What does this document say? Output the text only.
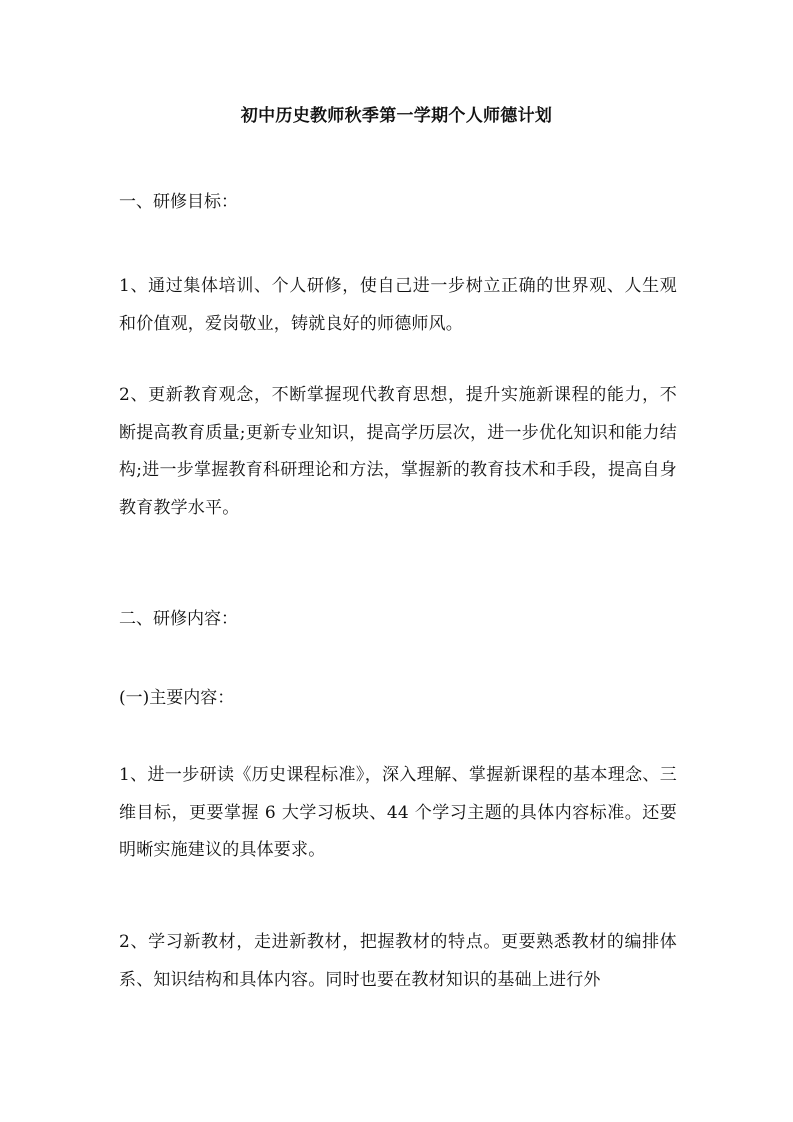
初中历史教师秋季第一学期个人师德计划
一、研修目标：
1、通过集体培训、个人研修，使自己进一步树立正确的世界观、人生观和价值观，爱岗敬业，铸就良好的师德师风。
2、更新教育观念，不断掌握现代教育思想，提升实施新课程的能力，不断提高教育质量;更新专业知识，提高学历层次，进一步优化知识和能力结构;进一步掌握教育科研理论和方法，掌握新的教育技术和手段，提高自身教育教学水平。
二、研修内容：
(一)主要内容：
1、进一步研读《历史课程标准》，深入理解、掌握新课程的基本理念、三维目标，更要掌握 6 大学习板块、44 个学习主题的具体内容标准。还要明晰实施建议的具体要求。
2、学习新教材，走进新教材，把握教材的特点。更要熟悉教材的编排体系、知识结构和具体内容。同时也要在教材知识的基础上进行外
